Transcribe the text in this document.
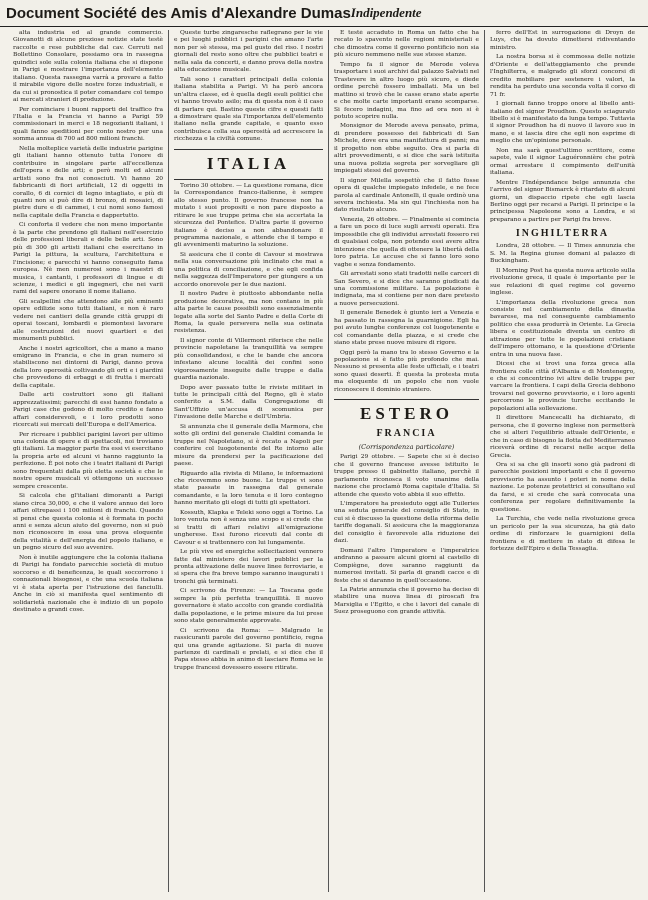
Document Société des Amis d'Alexandre Dumas Indipendente

alta industria ed al grande commercio. Giovanotti di alcune preziose notizie state testè raccolte e rese pubbliche dal cav. Cerruti nel Bollettino Consolare, possiamo ora in rassegna quindici sole sulla colonia italiana che si dispone in Parigi e mostrare l'importanza dell'elemento italiano. Questa rassegna varrà a provare a fatto il mirabile vigore delle nostre forze industriali, e da cui si pronostica il poter comandare col tempo ai mercati stranieri di produzione.

Per cominciare i buoni rapporti del traffico fra l'Italia e la Francia vi hanno a Parigi 59 commissionari in merci e 18 negozianti italiani, i quali fanno speditioni per conto nostro per una somma annua di 700 ad 800 milioni franchi.

Nella molteplice varietà delle industrie parigine gli italiani hanno ottenuto tutta l'onore di contribuire in singolare parte all'eccellenza dell'opera e delle arti; e però molti ed alcuni artisti sono fra noi conosciuti. Vi hanno 20 fabbricanti di fiori artificiali, 12 di oggetti in corallo, 6 di cornici di legno intagliato, e più di quanti non si può dire di bronzo, di mosaici, di pietre dure e di cammei, i cui nomi sono famosi nella capitale della Francia e dappertutto.

Ci conforta il vedere che non meno importante è la parte che prendono gli italiani nell'esercizio delle professioni liberali e delle belle arti. Sono più di 300 gli artisti italiani che esercitano in Parigi la pittura, la scultura, l'architettura e l'incisione; e parecchi vi hanno conseguito fama europea. Nè men numerosi sono i maestri di musica, i cantanti, i professori di lingue e di scienze, i medici e gli ingegneri, che nei varii rami del sapere onorano il nome italiano.

Gli scalpellini che attendono alle più eminenti opere edilizie sono tutti italiani, e non è raro vedere nei cantieri della grande città gruppi di operai toscani, lombardi e piemontesi lavorare alle costruzioni dei nuovi quartieri e dei monumenti pubblici.

Anche i nostri agricoltori, che a mano a mano emigrano in Francia, e che in gran numero si stabiliscono nei dintorni di Parigi, danno prova della loro operosità coltivando gli orti e i giardini che provvedono di erbaggi e di frutta i mercati della capitale.

Dalle arti costruttori sono gli italiani apprezzatissimi; parecchi di essi hanno fondato a Parigi case che godono di molto credito e fanno affari considerevoli, e i loro prodotti sono ricercati sui mercati dell'Europa e dell'America.

Per ricreare i pubblici parigini lavori per ultimo una colonia di opere e di spettacoli, noi troviamo gli italiani. La maggior parte fra essi vi esercitano la propria arte ed alcuni vi hanno raggiunto la perfezione. È poi noto che i teatri italiani di Parigi sono frequentati dalla più eletta società e che le nostre opere musicali vi ottengono un successo sempre crescente.

Si calcola che gl'italiani dimoranti a Parigi siano circa 30,000, e che il valore annuo dei loro affari oltrepassi i 100 milioni di franchi. Quando si pensi che questa colonia si è formata in pochi anni e senza alcun aiuto del governo, non si può non riconoscere in essa una prova eloquente della vitalità e dell'energia del popolo italiano, e un pegno sicuro del suo avvenire.

Non è inutile aggiungere che la colonia italiana di Parigi ha fondato parecchie società di mutuo soccorso e di beneficenza, le quali soccorrono i connazionali bisognosi, e che una scuola italiana vi è stata aperta per l'istruzione dei fanciulli. Anche in ciò si manifesta quel sentimento di solidarietà nazionale che è indizio di un popolo destinato a grandi cose.

Queste turbe zingaresche raflegrano per le vie e pei luoghi pubblici i parigini che amano l'arte non per sè stessa, ma pel gusto del riso. I nostri giornali del resto sono oltre che pubblici teatri e nella sala da concerti, e danno prova della nostra alta educazione musicale.

Tali sono i caratteri principali della colonia italiana stabilita a Parigi. Vi ha però ancora un'altra classe, ed è quella degli esuli politici che vi hanno trovato asilo; ma di questa non è il caso di parlare qui. Bastino queste cifre e questi fatti a dimostrare quale sia l'importanza dell'elemento italiano nella grande capitale, e quanto esso contribuisca colla sua operosità ad accrescere la ricchezza e la civiltà comune.

ITALIA

Torino 30 ottobre. — La questione romana, dice la Correspondance franco-italienne, è sempre allo stesso punto. Il governo francese non ha mutato i suoi propositi e non pare disposto a ritirare le sue truppe prima che sia accertata la sicurezza del Pontefice. D'altra parte il governo italiano è deciso a non abbandonare il programma nazionale, e attende che il tempo e gli avvenimenti maturino la soluzione.

Si assicura che il conte di Cavour si mostrava nella sua conversazione più inclinato che mai a una politica di conciliazione, e che egli confida nella saggezza dell'Imperatore per giungere a un accordo onorevole per le due nazioni.

Il nostro Padre è piuttosto abbondante nella produzione decorativa, ma non contano in più alta parte le cause possibili sono essenzialmente legate alla sorte del Santo Padre e della Corte di Roma, la quale persevera nella sua ostinata resistenza.

Il signor conte di Villermont riferisce che nelle provincie napoletane la tranquillità va sempre più consolidandosi, e che le bande che ancora infestano alcune località dei confini sono vigorosamente inseguite dalle truppe e dalla guardia nazionale.

Dopo aver passato tutte le riviste militari in tutte le principali città del Regno, gli è stato conferito a S.M. dalla Congregazione di Sant'Uffizio un'accusa di scomunica per l'invasione delle Marche e dell'Umbria.

Si annunzia che il generale della Marmora, che sotto gli ordini del generale Cialdini comanda le truppe nel Napoletano, si è recato a Napoli per conferire col luogotenente del Re intorno alle misure da prendersi per la pacificazione del paese.

Riguardo alla rivista di Milano, le informazioni che ricevemmo sono buone. Le truppe vi sono state passate in rassegna dal generale comandante, e la loro tenuta e il loro contegno hanno meritato gli elogi di tutti gli spettatori.

Kossuth, Klapka e Teleki sono oggi a Torino. La loro venuta non è senza uno scopo e si crede che si tratti di affari relativi all'emigrazione ungherese. Essi furono ricevuti dal conte di Cavour e si trattennero con lui lungamente.

Le più vive ed energiche sollecitazioni vennero fatte dal ministero dei lavori pubblici per la pronta attivazione delle nuove linee ferroviarie, e si spera che fra breve tempo saranno inaugurati i tronchi già terminati.

Ci scrivono da Firenze: — La Toscana gode sempre la più perfetta tranquillità. Il nuovo governatore è stato accolto con grande cordialità dalla popolazione, e le prime misure da lui prese sono state generalmente approvate.

Ci scrivono da Roma: — Malgrado le rassicuranti parole del governo pontificio, regna qui una grande agitazione. Si parla di nuove partenze di cardinali e prelati, e si dice che il Papa stesso abbia in animo di lasciare Roma se le truppe francesi dovessero essere ritirate.

È testè accaduto in Roma un fatto che ha recato lo spavento nelle regioni ministeriali e che dimostra come il governo pontificio non sia più sicuro nemmeno nelle sue stesse stanze.

Tempo fa il signor de Merode voleva trasportare i suoi archivi dal palazzo Salviati nel Trastevere in altro luogo più sicuro, e diede ordine perchè fossero imballati. Ma un bel mattino si trovò che le casse erano state aperte e che molte carte importanti erano scomparse. Si fecero indagini, ma fino ad ora non si è potuto scoprire nulla.

Monsignor de Merode aveva pensato, prima, di prendere possesso dei fabbricati di San Michele, dove era una manifattura di panni; ma il progetto non ebbe seguito. Ora si parla di altri provvedimenti, e si dice che sarà istituita una nuova polizia segreta per sorvegliare gli impiegati stessi del governo.

Il signor Milella sospettò che il fatto fosse opera di qualche impiegato infedele, e ne fece parola al cardinale Antonelli, il quale ordinò una severa inchiesta. Ma sin qui l'inchiesta non ha dato risultato alcuno.

Venezia, 26 ottobre. — Finalmente si comincia a fare un poco di luce sugli arresti operati. Era impossibile che gli individui arrestati fossero rei di qualsiasi colpa, non potendo essi avere altra intenzione che quella di ottenere la libertà della loro patria. Le accuse che si fanno loro sono vaghe e senza fondamento.

Gli arrestati sono stati tradotti nelle carceri di San Severo, e si dice che saranno giudicati da una commissione militare. La popolazione è indignata, ma si contiene per non dare pretesto a nuove persecuzioni.

Il generale Benedek è giunto ieri a Venezia e ha passato in rassegna la guarnigione. Egli ha poi avuto lunghe conferenze col luogotenente e col comandante della piazza, e si crede che siano state prese nuove misure di rigore.

Oggi però la mano tra lo stesso Governo e la popolazione si è fatto più profondo che mai. Nessuno si presenta alle feste ufficiali, e i teatri sono quasi deserti. È questa la protesta muta ma eloquente di un popolo che non vuole riconoscere il dominio straniero.

ESTERO
FRANCIA
(Corrispondenza particolare)

Parigi 29 ottobre. — Sapete che si è deciso che il governo francese avesse istituito le truppe presso il gabinetto italiano, perchè il parlamento riconosca il voto unanime della nazione che proclamò Roma capitale d'Italia. Si attende che questo voto abbia il suo effetto.

L'imperatore ha presieduto oggi alle Tuileries una seduta generale del consiglio di Stato, in cui si è discusso la questione della riforma delle tariffe doganali. Si assicura che la maggioranza del consiglio è favorevole alla riduzione dei dazi.

Domani l'altro l'imperatore e l'imperatrice andranno a passare alcuni giorni al castello di Compiègne, dove saranno raggiunti da numerosi invitati. Si parla di grandi cacce e di feste che si daranno in quell'occasione.

La Patrie annunzia che il governo ha deciso di stabilire una nuova linea di piroscafi fra Marsiglia e l'Egitto, e che i lavori del canale di Suez proseguono con grande attività.

ferro dell'Est in surrogazione di Droyn de Luys, che ha dovuto dimettersi ridiventando ministro.

La nostra borsa si è commossa delle notizie d'Oriente e dell'atteggiamento che prende l'Inghilterra, e malgrado gli sforzi concorsi di credito mobiliare per sostenere i valori, la rendita ha perduto una seconda volta il corso di 71 fr.

I giornali fanno troppo onore al libello anti-italiano del signor Proudhon. Questo sciagurato libello si è manifestato da lunga tempo. Tuttavia il signor Proudhon ha di nuovo il lavoro suo in mano, e si lascia dire che egli non esprime di meglio che un'opinione personale.

Non ma sarà quest'ultimo scrittore, come sapete, vale il signor Laguéronnière che potrà ormai arrestare il compimento dell'unità italiana.

Mentre l'Indépendance belge annunzia che l'arrivo del signor Bismarck è ritardato di alcuni giorni, un dispaccio ripete che egli lascia Berlino oggi per recarsi a Parigi. Il principe e la principessa Napoleone sono a Londra, e si preparano a partire per Parigi fra breve.

INGHILTERRA

Londra, 28 ottobre. — Il Times annunzia che S. M. la Regina giunse domani al palazzo di Buckingham.

Il Morning Post ha questa nuova articolo sulla rivoluzione greca, il quale è importante per le sue relazioni di quel regime col governo inglese.

L'importanza della rivoluzione greca non consiste nel cambiamento della dinastia bavarese, ma nel conseguente cambiamento politico che essa produrrà in Oriente. La Grecia libera e costituzionale diventa un centro di attrazione per tutte le popolazioni cristiane dell'impero ottomano, e la questione d'Oriente entra in una nuova fase.

Dicesi che si trovi una forza greca alla frontiera colle città d'Albania e di Montenegro, e che si concentrino ivi altre delle truppe per varcare la frontiera. I capi della Grecia debbono trovarsi nel governo provvisorio, e i loro agenti percorrono le provincie turche eccitando le popolazioni alla sollevazione.

Il direttore Mancecalli ha dichiarato, di persona, che il governo inglese non permetterà che si alteri l'equilibrio attuale dell'Oriente, e che in caso di bisogno la flotta del Mediterraneo riceverà ordine di recarsi nelle acque della Grecia.

Ora si sa che gli insorti sono già padroni di parecchie posizioni importanti e che il governo provvisorio ha assunto i poteri in nome della nazione. Le potenze protettrici si consultano sul da farsi, e si crede che sarà convocata una conferenza per regolare definitivamente la questione.

La Turchia, che vede nella rivoluzione greca un pericolo per la sua sicurezza, ha già dato ordine di rinforzare le guarnigioni della frontiera e di mettere in stato di difesa le fortezze dell'Epiro e della Tessaglia.
